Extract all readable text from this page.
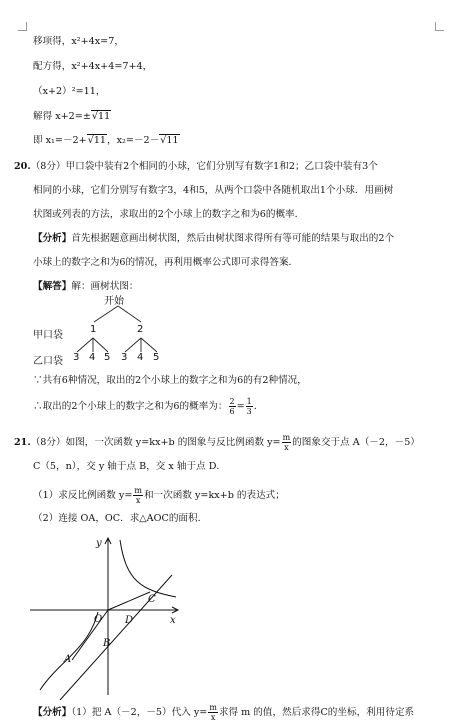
移项得，x²+4x=7，
配方得，x²+4x+4=7+4，
（x+2）²=11，
解得 x+2=±√11
即 x₁=－2+√11，x₂=－2－√11
20.（8分）甲口袋中装有2个相同的小球，它们分别写有数字1和2；乙口袋中装有3个
相同的小球，它们分别写有数字3，4和5，从两个口袋中各随机取出1个小球．用画树
状图或列表的方法，求取出的2个小球上的数字之和为6的概率．
【分析】首先根据题意画出树状图，然后由树状图求得所有等可能的结果与取出的2个
小球上的数字之和为6的情况，再利用概率公式即可求得答案．
【解答】解：画树状图：
开始
甲口袋
1	2
乙口袋 3 4 5 3 4 5
∵共有6种情况，取出的2个小球上的数字之和为6的有2种情况，
∴取出的2个小球上的数字之和为6的概率为： $\frac{2}{6} = \frac{1}{3}$ ．
21.（8分）如图，一次函数 y=kx+b 的图象与反比例函数 $y= \frac{m}{x}$ 的图象交于点 A（－2，－5）
C（5，n），交 y 轴于点 B，交 x 轴于点 D．
（1）求反比例函数 $y= \frac{m}{x}$ 和一次函数 y=kx+b 的表达式；
（2）连接 OA，OC．求△AOC的面积．
y
x
O
A
B
C
D
【分析】（1）把 A（－2，－5）代入 $y= \frac{m}{x}$ 求得 m 的值，然后求得C的坐标，利用待定系
